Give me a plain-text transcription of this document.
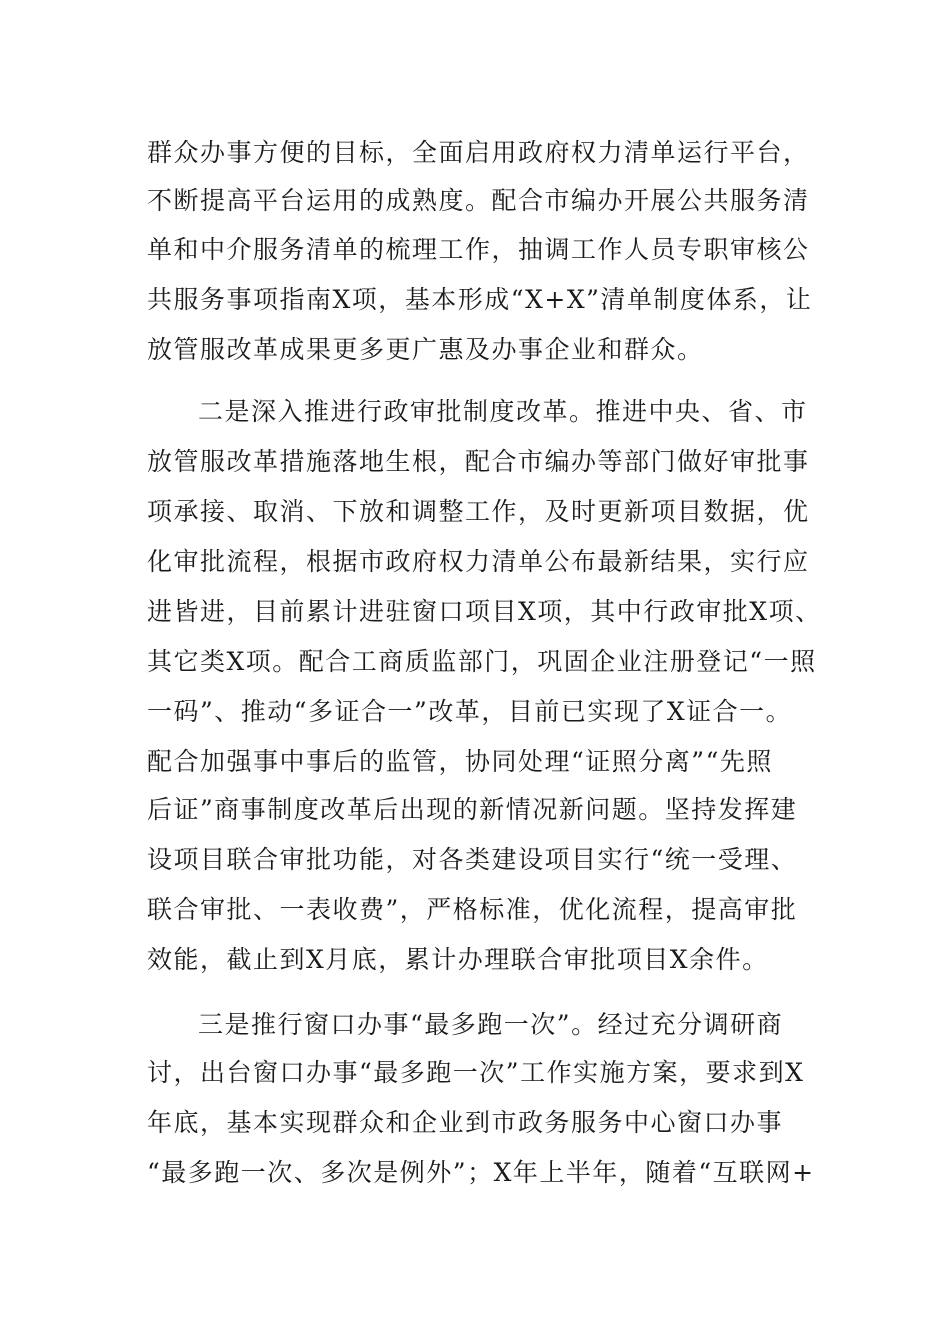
群众办事方便的目标，全面启用政府权力清单运行平台，
不断提高平台运用的成熟度。配合市编办开展公共服务清
单和中介服务清单的梳理工作，抽调工作人员专职审核公
共服务事项指南X项，基本形成“X+X”清单制度体系，让
放管服改革成果更多更广惠及办事企业和群众。
二是深入推进行政审批制度改革。推进中央、省、市
放管服改革措施落地生根，配合市编办等部门做好审批事
项承接、取消、下放和调整工作，及时更新项目数据，优
化审批流程，根据市政府权力清单公布最新结果，实行应
进皆进，目前累计进驻窗口项目X项，其中行政审批X项、
其它类X项。配合工商质监部门，巩固企业注册登记“一照
一码”、推动“多证合一”改革，目前已实现了X证合一。
配合加强事中事后的监管，协同处理“证照分离”“先照
后证”商事制度改革后出现的新情况新问题。坚持发挥建
设项目联合审批功能，对各类建设项目实行“统一受理、
联合审批、一表收费”，严格标准，优化流程，提高审批
效能，截止到X月底，累计办理联合审批项目X余件。
三是推行窗口办事“最多跑一次”。经过充分调研商
讨，出台窗口办事“最多跑一次”工作实施方案，要求到X
年底，基本实现群众和企业到市政务服务中心窗口办事
“最多跑一次、多次是例外”；X年上半年，随着“互联网+
